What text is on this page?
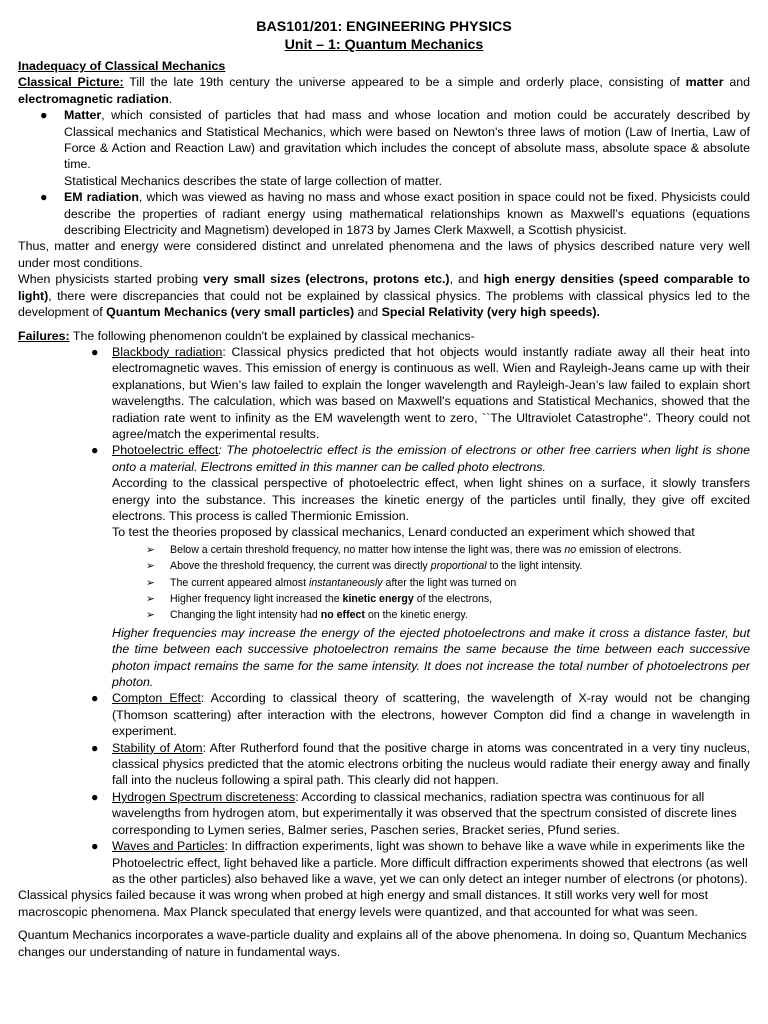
BAS101/201: ENGINEERING PHYSICS
Unit – 1: Quantum Mechanics
Inadequacy of Classical Mechanics

Classical Picture: Till the late 19th century the universe appeared to be a simple and orderly place, consisting of matter and electromagnetic radiation.

● Matter, which consisted of particles that had mass and whose location and motion could be accurately described by Classical mechanics and Statistical Mechanics, which were based on Newton's three laws of motion (Law of Inertia, Law of Force & Action and Reaction Law) and gravitation which includes the concept of absolute mass, absolute space & absolute time.

Statistical Mechanics describes the state of large collection of matter.

● EM radiation, which was viewed as having no mass and whose exact position in space could not be fixed. Physicists could describe the properties of radiant energy using mathematical relationships known as Maxwell’s equations (equations describing Electricity and Magnetism) developed in 1873 by James Clerk Maxwell, a Scottish physicist.

Thus, matter and energy were considered distinct and unrelated phenomena and the laws of physics described nature very well under most conditions.

When physicists started probing very small sizes (electrons, protons etc.), and high energy densities (speed comparable to light), there were discrepancies that could not be explained by classical physics. The problems with classical physics led to the development of Quantum Mechanics (very small particles) and Special Relativity (very high speeds).

Failures: The following phenomenon couldn't be explained by classical mechanics-

● Blackbody radiation: Classical physics predicted that hot objects would instantly radiate away all their heat into electromagnetic waves. This emission of energy is continuous as well. Wien and Rayleigh-Jeans came up with their explanations, but Wien’s law failed to explain the longer wavelength and Rayleigh-Jean’s law failed to explain short wavelengths. The calculation, which was based on Maxwell's equations and Statistical Mechanics, showed that the radiation rate went to infinity as the EM wavelength went to zero, ``The Ultraviolet Catastrophe''. Theory could not agree/match the experimental results.
● Photoelectric effect: The photoelectric effect is the emission of electrons or other free carriers when light is shone onto a material. Electrons emitted in this manner can be called photo electrons.

According to the classical perspective of photoelectric effect, when light shines on a surface, it slowly transfers energy into the substance. This increases the kinetic energy of the particles until finally, they give off excited electrons. This process is called Thermionic Emission.

To test the theories proposed by classical mechanics, Lenard conducted an experiment which showed that

➢ Below a certain threshold frequency, no matter how intense the light was, there was no emission of electrons.
➢ Above the threshold frequency, the current was directly proportional to the light intensity.
➢ The current appeared almost instantaneously after the light was turned on
➢ Higher frequency light increased the kinetic energy of the electrons,
➢ Changing the light intensity had no effect on the kinetic energy.

Higher frequencies may increase the energy of the ejected photoelectrons and make it cross a distance faster, but the time between each successive photoelectron remains the same because the time between each successive photon impact remains the same for the same intensity. It does not increase the total number of photoelectrons per photon.

● Compton Effect: According to classical theory of scattering, the wavelength of X-ray would not be changing (Thomson scattering) after interaction with the electrons, however Compton did find a change in wavelength in experiment.
● Stability of Atom: After Rutherford found that the positive charge in atoms was concentrated in a very tiny nucleus, classical physics predicted that the atomic electrons orbiting the nucleus would radiate their energy away and finally fall into the nucleus following a spiral path. This clearly did not happen.
● Hydrogen Spectrum discreteness: According to classical mechanics, radiation spectra was continuous for all wavelengths from hydrogen atom, but experimentally it was observed that the spectrum consisted of discrete lines corresponding to Lymen series, Balmer series, Paschen series, Bracket series, Pfund series.
● Waves and Particles: In diffraction experiments, light was shown to behave like a wave while in experiments like the Photoelectric effect, light behaved like a particle. More difficult diffraction experiments showed that electrons (as well as the other particles) also behaved like a wave, yet we can only detect an integer number of electrons (or photons).

Classical physics failed because it was wrong when probed at high energy and small distances. It still works very well for most macroscopic phenomena. Max Planck speculated that energy levels were quantized, and that accounted for what was seen.

Quantum Mechanics incorporates a wave-particle duality and explains all of the above phenomena. In doing so, Quantum Mechanics changes our understanding of nature in fundamental ways.
